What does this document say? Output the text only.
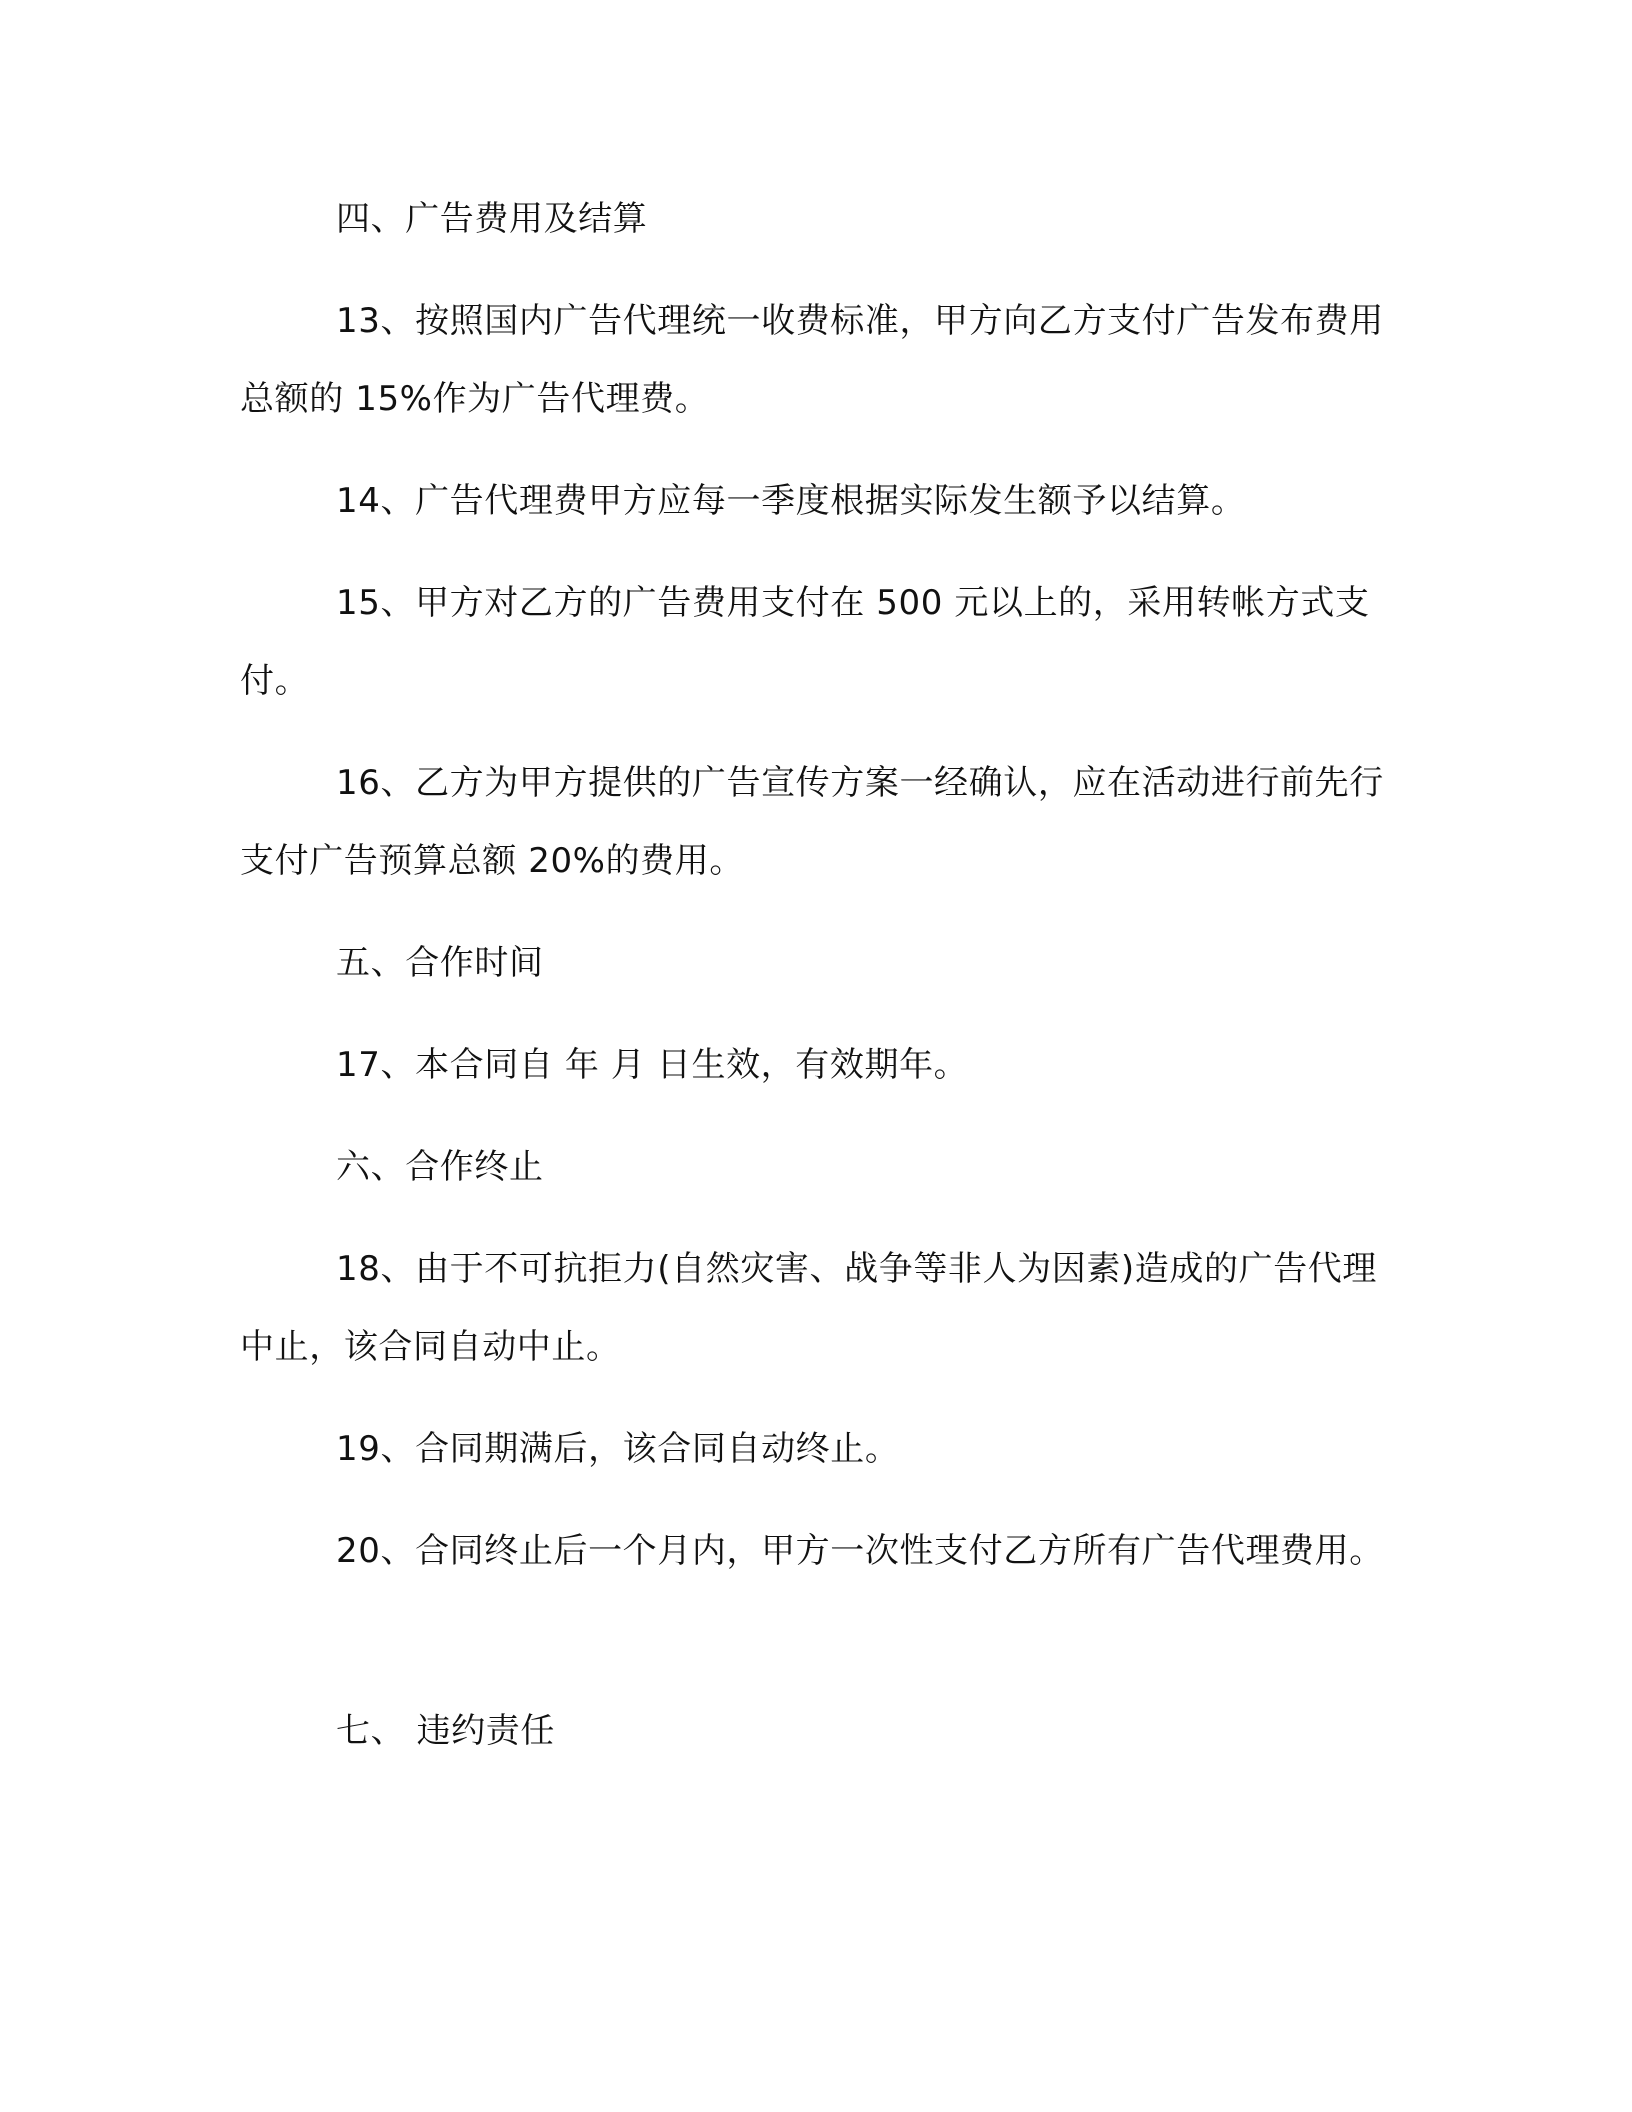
四、广告费用及结算

13、按照国内广告代理统一收费标准，甲方向乙方支付广告发布费用总额的 15%作为广告代理费。

14、广告代理费甲方应每一季度根据实际发生额予以结算。

15、甲方对乙方的广告费用支付在 500 元以上的，采用转帐方式支付。

16、乙方为甲方提供的广告宣传方案一经确认，应在活动进行前先行支付广告预算总额 20%的费用。

五、合作时间

17、本合同自 年 月 日生效，有效期年。

六、合作终止

18、由于不可抗拒力(自然灾害、战争等非人为因素)造成的广告代理中止，该合同自动中止。

19、合同期满后，该合同自动终止。

20、合同终止后一个月内，甲方一次性支付乙方所有广告代理费用。

七、 违约责任
